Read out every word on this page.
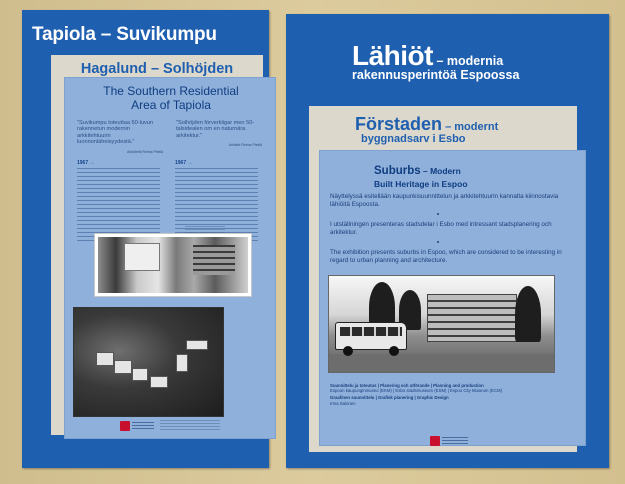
Tapiola – Suvikumpu
Hagalund – Solhöjden
The Southern Residential
Area of Tapiola
"Suvikumpu toteuttaa 50-luvun rakennetun modernin arkkitehtuurin luonnonläheisyydestä."
Arkkitehti Reima Pietilä
"Solhöjden förverkligar men 50-talsidealen om en naturnära arkitektur."
Arkitekt Reima Pietilä
1967 →	1967 →
Lähiöt – modernia
rakennusperintöä Espoossa
Förstaden – modernt
byggnadsarv i Esbo
Suburbs – Modern
Built Heritage in Espoo
Näyttelyssä esitellään kaupunkisuunnittelun ja arkkitehtuurin kannalta kiinnostavia lähiöitä Espoosta.
I utställningen presenteras stadsdelar i Esbo med intressant stadsplanering och arkitektur.
The exhibition presents suburbs in Espoo, which are considered to be interesting in regard to urban planning and architecture.
Suunnittelu ja toteutus | Planering och utförande | Planning and production
Espoon kaupunginmuseo (EKM) | Esbo stadsmuseum (ESM) | Espoo City Museum (ECM)
Graafinen suunnittelu | Grafisk planering | Graphic Design
Irma Salonen
